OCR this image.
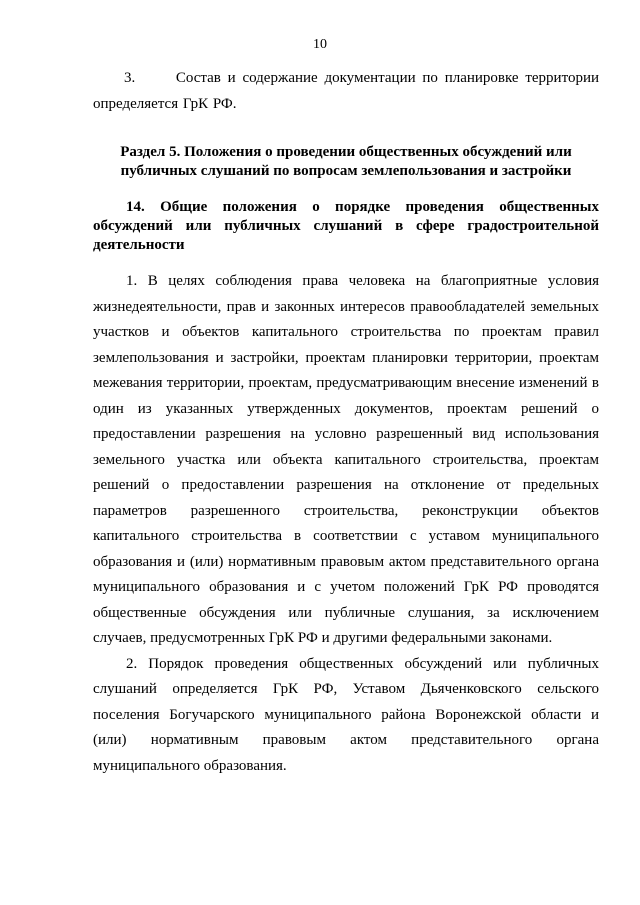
10

3.      Состав и содержание документации по планировке территории определяется ГрК РФ.

Раздел 5. Положения о проведении общественных обсуждений или публичных слушаний по вопросам землепользования и застройки

14. Общие положения о порядке проведения общественных обсуждений или публичных слушаний в сфере градостроительной деятельности

1. В целях соблюдения права человека на благоприятные условия жизнедеятельности, прав и законных интересов правообладателей земельных участков и объектов капитального строительства по проектам правил землепользования и застройки, проектам планировки территории, проектам межевания территории, проектам, предусматривающим внесение изменений в один из указанных утвержденных документов, проектам решений о предоставлении разрешения на условно разрешенный вид использования земельного участка или объекта капитального строительства, проектам решений о предоставлении разрешения на отклонение от предельных параметров разрешенного строительства, реконструкции объектов капитального строительства в соответствии с уставом муниципального образования и (или) нормативным правовым актом представительного органа муниципального образования и с учетом положений ГрК РФ проводятся общественные обсуждения или публичные слушания, за исключением случаев, предусмотренных ГрК РФ и другими федеральными законами.

2. Порядок проведения общественных обсуждений или публичных слушаний определяется ГрК РФ, Уставом Дьяченковского сельского поселения Богучарского муниципального района Воронежской области и (или) нормативным правовым актом представительного органа муниципального образования.
